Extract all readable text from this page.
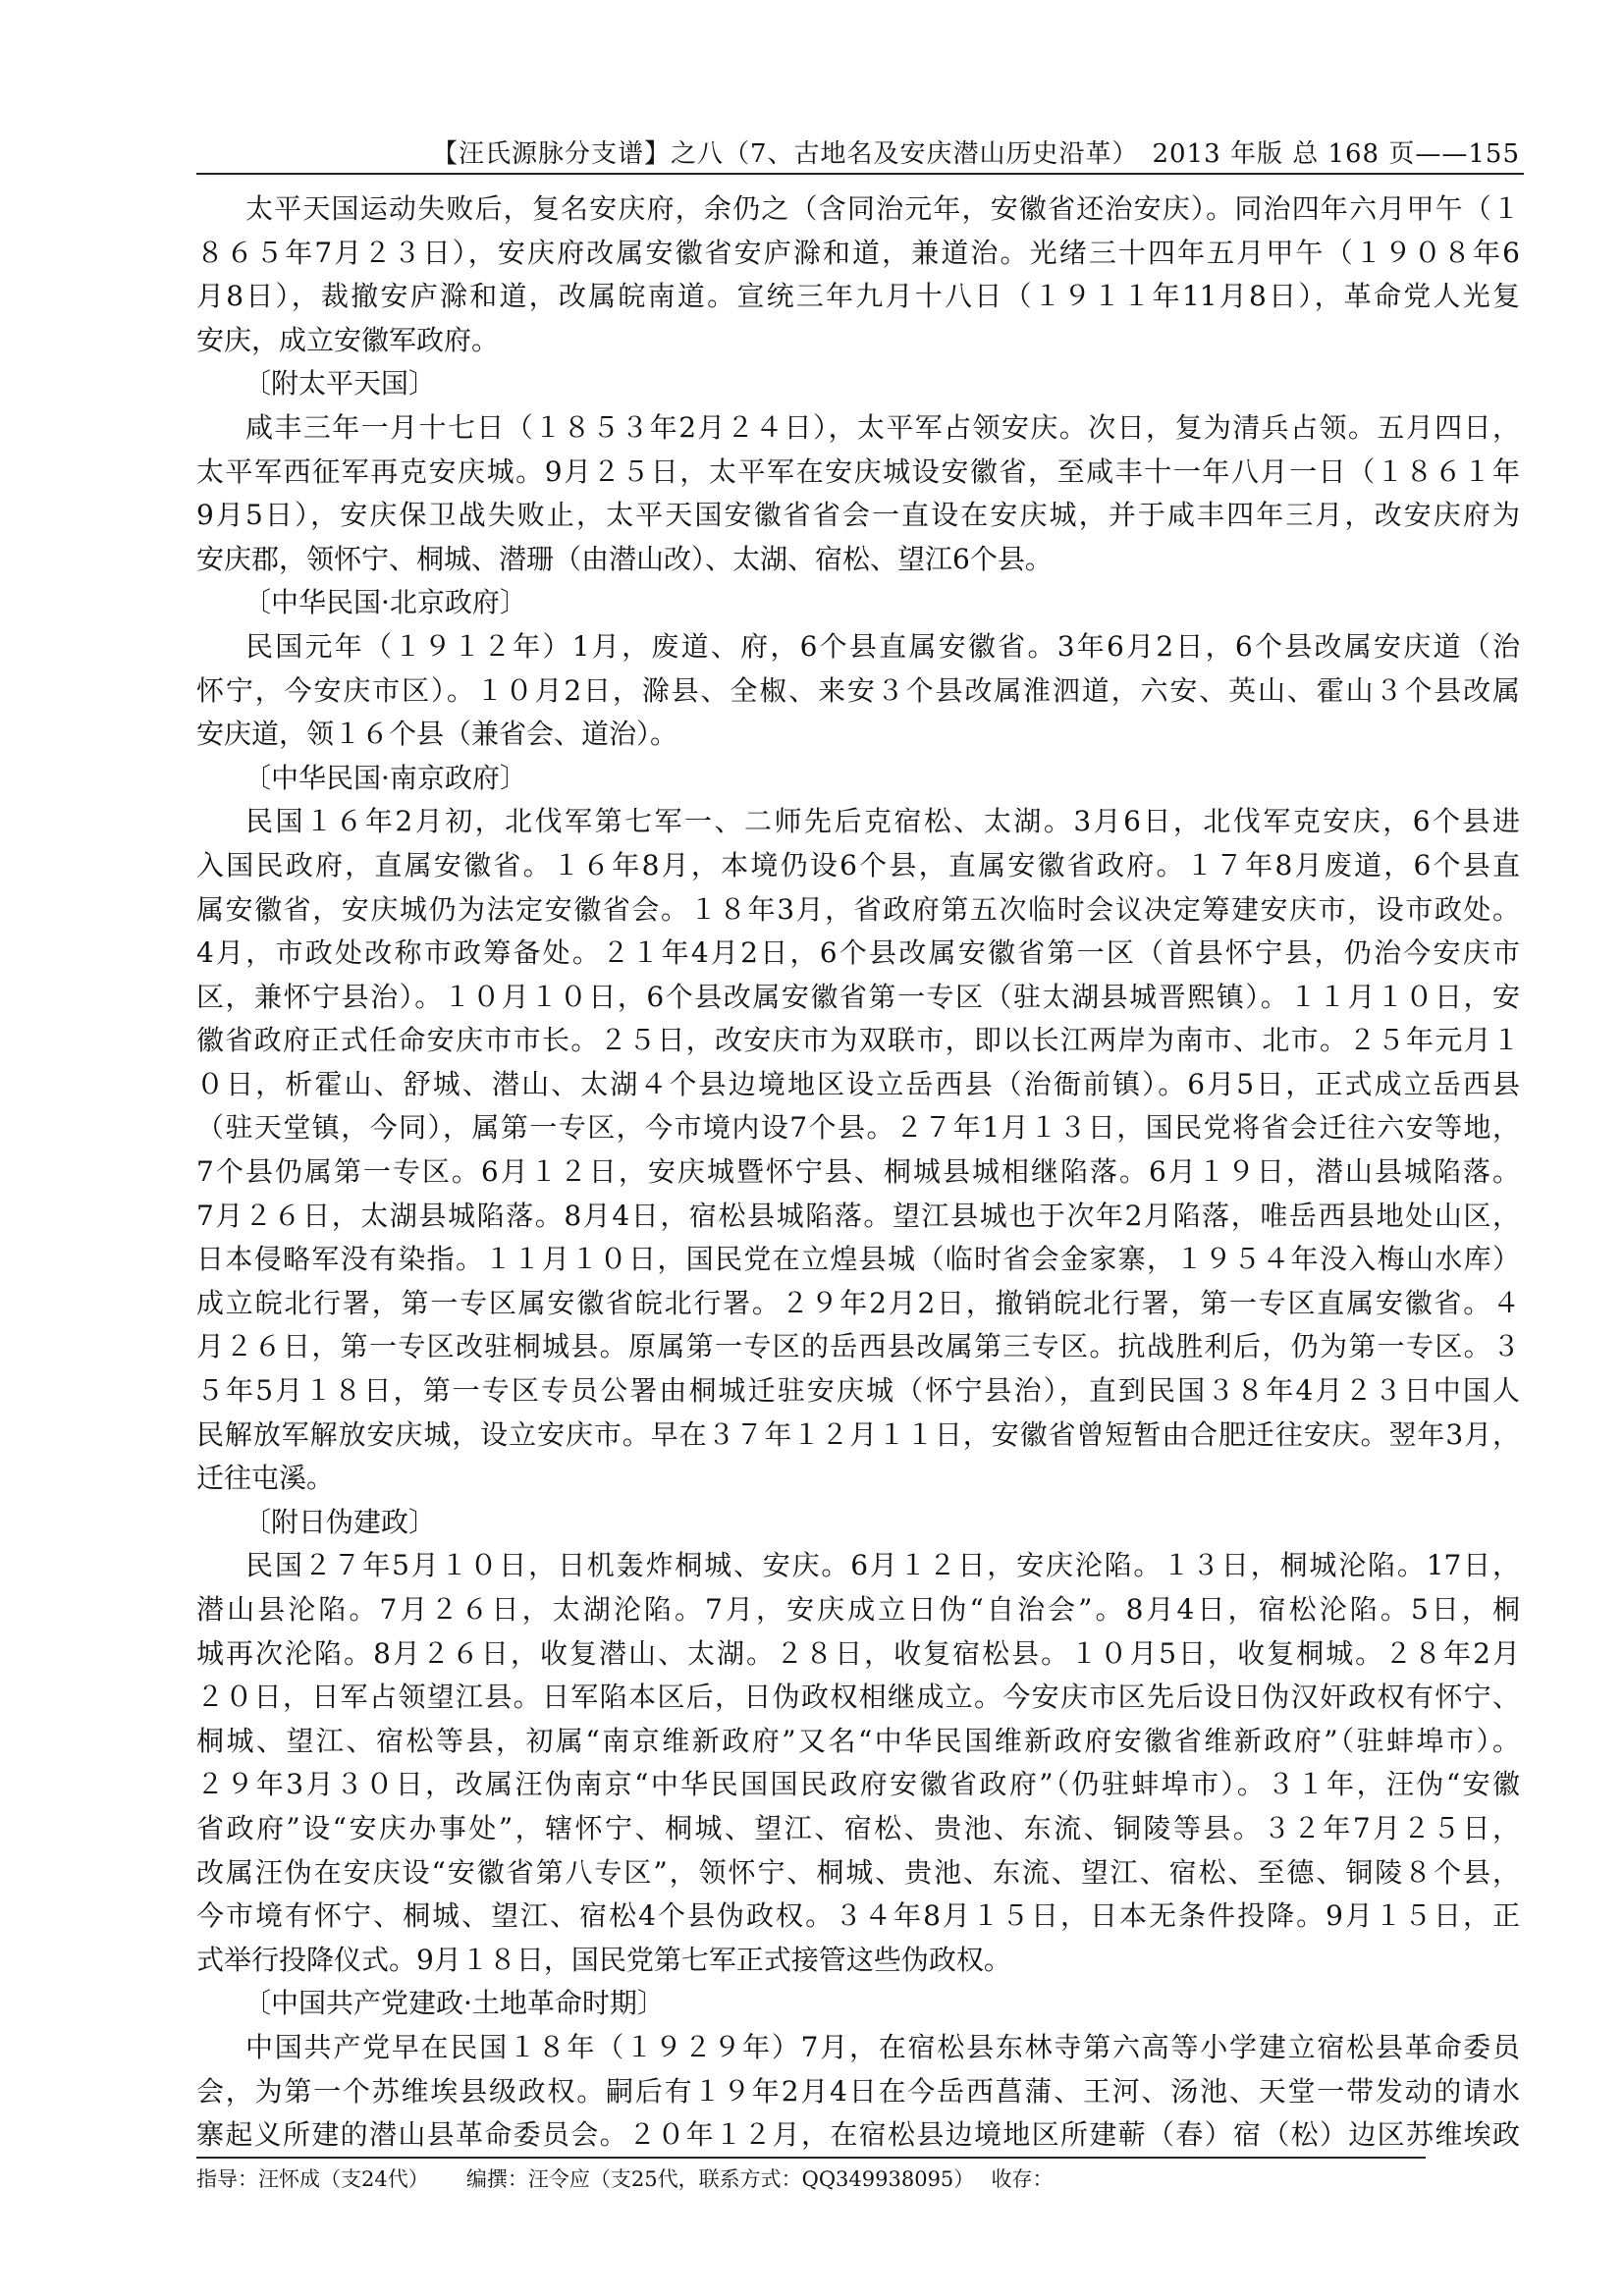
【汪氏源脉分支谱】之八（7、古地名及安庆潜山历史沿革）　2013 年版 总 168 页——155
太平天国运动失败后，复名安庆府，余仍之（含同治元年，安徽省还治安庆）。同治四年六月甲午（１
８６５年7月２３日），安庆府改属安徽省安庐滁和道，兼道治。光绪三十四年五月甲午（１９０８年6
月8日），裁撤安庐滁和道，改属皖南道。宣统三年九月十八日（１９１１年11月8日），革命党人光复
安庆，成立安徽军政府。
〔附太平天国〕
咸丰三年一月十七日（１８５３年2月２４日），太平军占领安庆。次日，复为清兵占领。五月四日，
太平军西征军再克安庆城。9月２５日，太平军在安庆城设安徽省，至咸丰十一年八月一日（１８６１年
9月5日），安庆保卫战失败止，太平天国安徽省省会一直设在安庆城，并于咸丰四年三月，改安庆府为
安庆郡，领怀宁、桐城、潜珊（由潜山改）、太湖、宿松、望江6个县。
〔中华民国·北京政府〕
民国元年（１９１２年）1月，废道、府，6个县直属安徽省。3年6月2日，6个县改属安庆道（治
怀宁，今安庆市区）。１０月2日，滁县、全椒、来安３个县改属淮泗道，六安、英山、霍山３个县改属
安庆道，领１６个县（兼省会、道治）。
〔中华民国·南京政府〕
民国１６年2月初，北伐军第七军一、二师先后克宿松、太湖。3月6日，北伐军克安庆，6个县进
入国民政府，直属安徽省。１６年8月，本境仍设6个县，直属安徽省政府。１７年8月废道，6个县直
属安徽省，安庆城仍为法定安徽省会。１８年3月，省政府第五次临时会议决定筹建安庆市，设市政处。
4月，市政处改称市政筹备处。２１年4月2日，6个县改属安徽省第一区（首县怀宁县，仍治今安庆市
区，兼怀宁县治）。１０月１０日，6个县改属安徽省第一专区（驻太湖县城晋熙镇）。１１月１０日，安
徽省政府正式任命安庆市市长。２５日，改安庆市为双联市，即以长江两岸为南市、北市。２５年元月１
０日，析霍山、舒城、潜山、太湖４个县边境地区设立岳西县（治衙前镇）。6月5日，正式成立岳西县
（驻天堂镇，今同），属第一专区，今市境内设7个县。２７年1月１３日，国民党将省会迁往六安等地，
7个县仍属第一专区。6月１２日，安庆城暨怀宁县、桐城县城相继陷落。6月１９日，潜山县城陷落。
7月２６日，太湖县城陷落。8月4日，宿松县城陷落。望江县城也于次年2月陷落，唯岳西县地处山区，
日本侵略军没有染指。１１月１０日，国民党在立煌县城（临时省会金家寨，１９５４年没入梅山水库）
成立皖北行署，第一专区属安徽省皖北行署。２９年2月2日，撤销皖北行署，第一专区直属安徽省。４
月２６日，第一专区改驻桐城县。原属第一专区的岳西县改属第三专区。抗战胜利后，仍为第一专区。３
５年5月１８日，第一专区专员公署由桐城迁驻安庆城（怀宁县治），直到民国３８年4月２３日中国人
民解放军解放安庆城，设立安庆市。早在３７年１２月１１日，安徽省曾短暂由合肥迁往安庆。翌年3月，
迁往屯溪。
〔附日伪建政〕
民国２７年5月１０日，日机轰炸桐城、安庆。6月１２日，安庆沦陷。１３日，桐城沦陷。17日，
潜山县沦陷。7月２６日，太湖沦陷。7月，安庆成立日伪“自治会”。8月4日，宿松沦陷。5日，桐
城再次沦陷。8月２６日，收复潜山、太湖。２８日，收复宿松县。１０月5日，收复桐城。２８年2月
２０日，日军占领望江县。日军陷本区后，日伪政权相继成立。今安庆市区先后设日伪汉奸政权有怀宁、
桐城、望江、宿松等县，初属“南京维新政府”又名“中华民国维新政府安徽省维新政府”（驻蚌埠市）。
２９年3月３０日，改属汪伪南京“中华民国国民政府安徽省政府”（仍驻蚌埠市）。３１年，汪伪“安徽
省政府”设“安庆办事处”，辖怀宁、桐城、望江、宿松、贵池、东流、铜陵等县。３２年7月２５日，
改属汪伪在安庆设“安徽省第八专区”，领怀宁、桐城、贵池、东流、望江、宿松、至德、铜陵８个县，
今市境有怀宁、桐城、望江、宿松4个县伪政权。３４年8月１５日，日本无条件投降。9月１５日，正
式举行投降仪式。9月１８日，国民党第七军正式接管这些伪政权。
〔中国共产党建政·土地革命时期〕
中国共产党早在民国１８年（１９２９年）7月，在宿松县东林寺第六高等小学建立宿松县革命委员
会，为第一个苏维埃县级政权。嗣后有１９年2月4日在今岳西菖蒲、王河、汤池、天堂一带发动的请水
寨起义所建的潜山县革命委员会。２０年１２月，在宿松县边境地区所建蕲（春）宿（松）边区苏维埃政
指导：汪怀成（支24代）　　 编撰：汪令应（支25代，联系方式：QQ349938095）　 收存：
